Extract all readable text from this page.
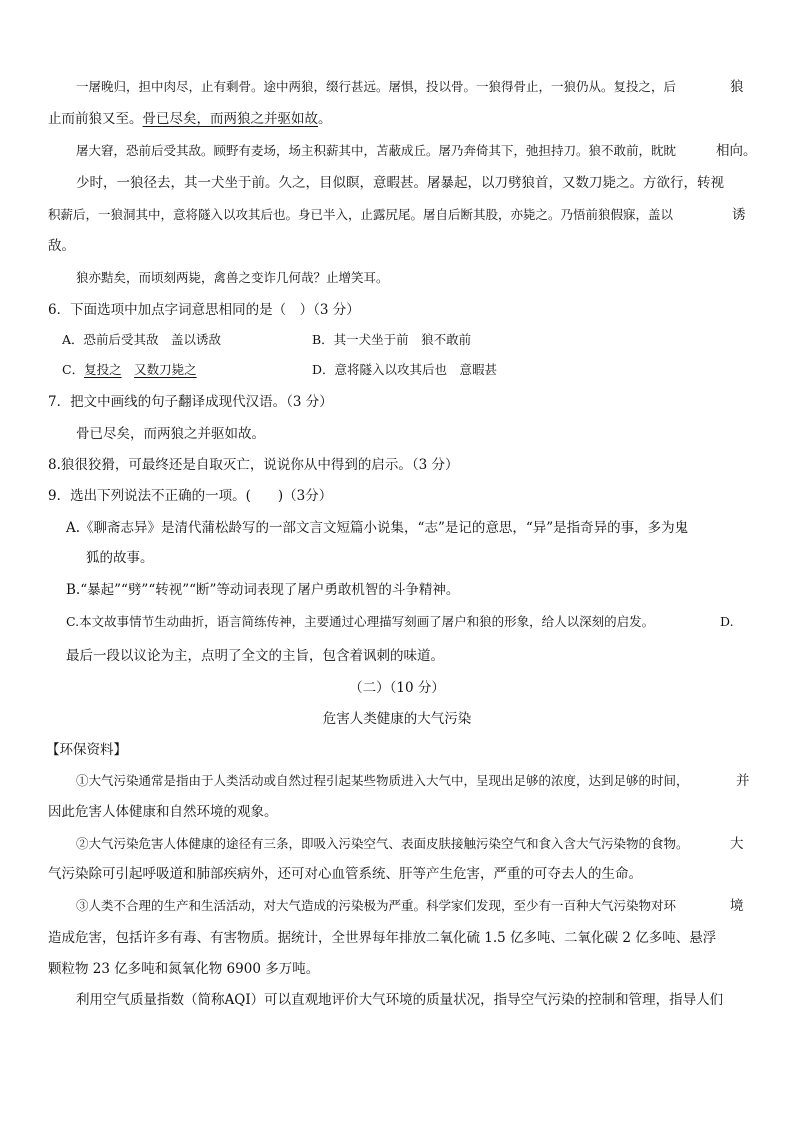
一屠晚归，担中肉尽，止有剩骨。途中两狼，缀行甚远。屠惧，投以骨。一狼得骨止，一狼仍从。复投之，后	狼
止而前狼又至。骨已尽矣，而两狼之并驱如故。
屠大窘，恐前后受其敌。顾野有麦场，场主积薪其中，苫蔽成丘。屠乃奔倚其下，弛担持刀。狼不敢前，眈眈	相向。
少时，一狼径去，其一犬坐于前。久之，目似瞑，意暇甚。屠暴起，以刀劈狼首，又数刀毙之。方欲行，转视
积薪后，一狼洞其中，意将隧入以攻其后也。身已半入，止露尻尾。屠自后断其股，亦毙之。乃悟前狼假寐，盖以	诱
敌。
狼亦黠矣，而顷刻两毙，禽兽之变诈几何哉？止增笑耳。
6．下面选项中加点字词意思相同的是（　）（3 分）
A．恐前后受其敌　盖以诱敌	B．其一犬坐于前　狼不敢前
C．复投之　 又数刀毙之	D．意将隧入以攻其后也　意暇甚
7．把文中画线的句子翻译成现代汉语。（3 分）
骨已尽矣，而两狼之并驱如故。
8.狼很狡猾，可最终还是自取灭亡，说说你从中得到的启示。（3 分）
9．选出下列说法不正确的一项。(　　)（3分）
A.《聊斋志异》是清代蒲松龄写的一部文言文短篇小说集，“志”是记的意思，“异”是指奇异的事，多为鬼
狐的故事。
B.“暴起”“劈”“转视”“断”等动词表现了屠户勇敢机智的斗争精神。
C.本文故事情节生动曲折，语言简练传神，主要通过心理描写刻画了屠户和狼的形象，给人以深刻的启发。	D.
最后一段以议论为主，点明了全文的主旨，包含着讽刺的味道。
（二）（10 分）
危害人类健康的大气污染
【环保资料】
①大气污染通常是指由于人类活动或自然过程引起某些物质进入大气中，呈现出足够的浓度，达到足够的时间，	并
因此危害人体健康和自然环境的观象。
②大气污染危害人体健康的途径有三条，即吸入污染空气、表面皮肤接触污染空气和食入含大气污染物的食物。	大
气污染除可引起呼吸道和肺部疾病外，还可对心血管系统、肝等产生危害，严重的可夺去人的生命。
③人类不合理的生产和生活活动，对大气造成的污染极为严重。科学家们发现，至少有一百种大气污染物对环	境
造成危害，包括许多有毒、有害物质。据统计，全世界每年排放二氧化硫 1.5 亿多吨、二氧化碳 2 亿多吨、悬浮
颗粒物 23 亿多吨和氮氧化物 6900 多万吨。
利用空气质量指数（简称AQI）可以直观地评价大气环境的质量状况，指导空气污染的控制和管理，指导人们
